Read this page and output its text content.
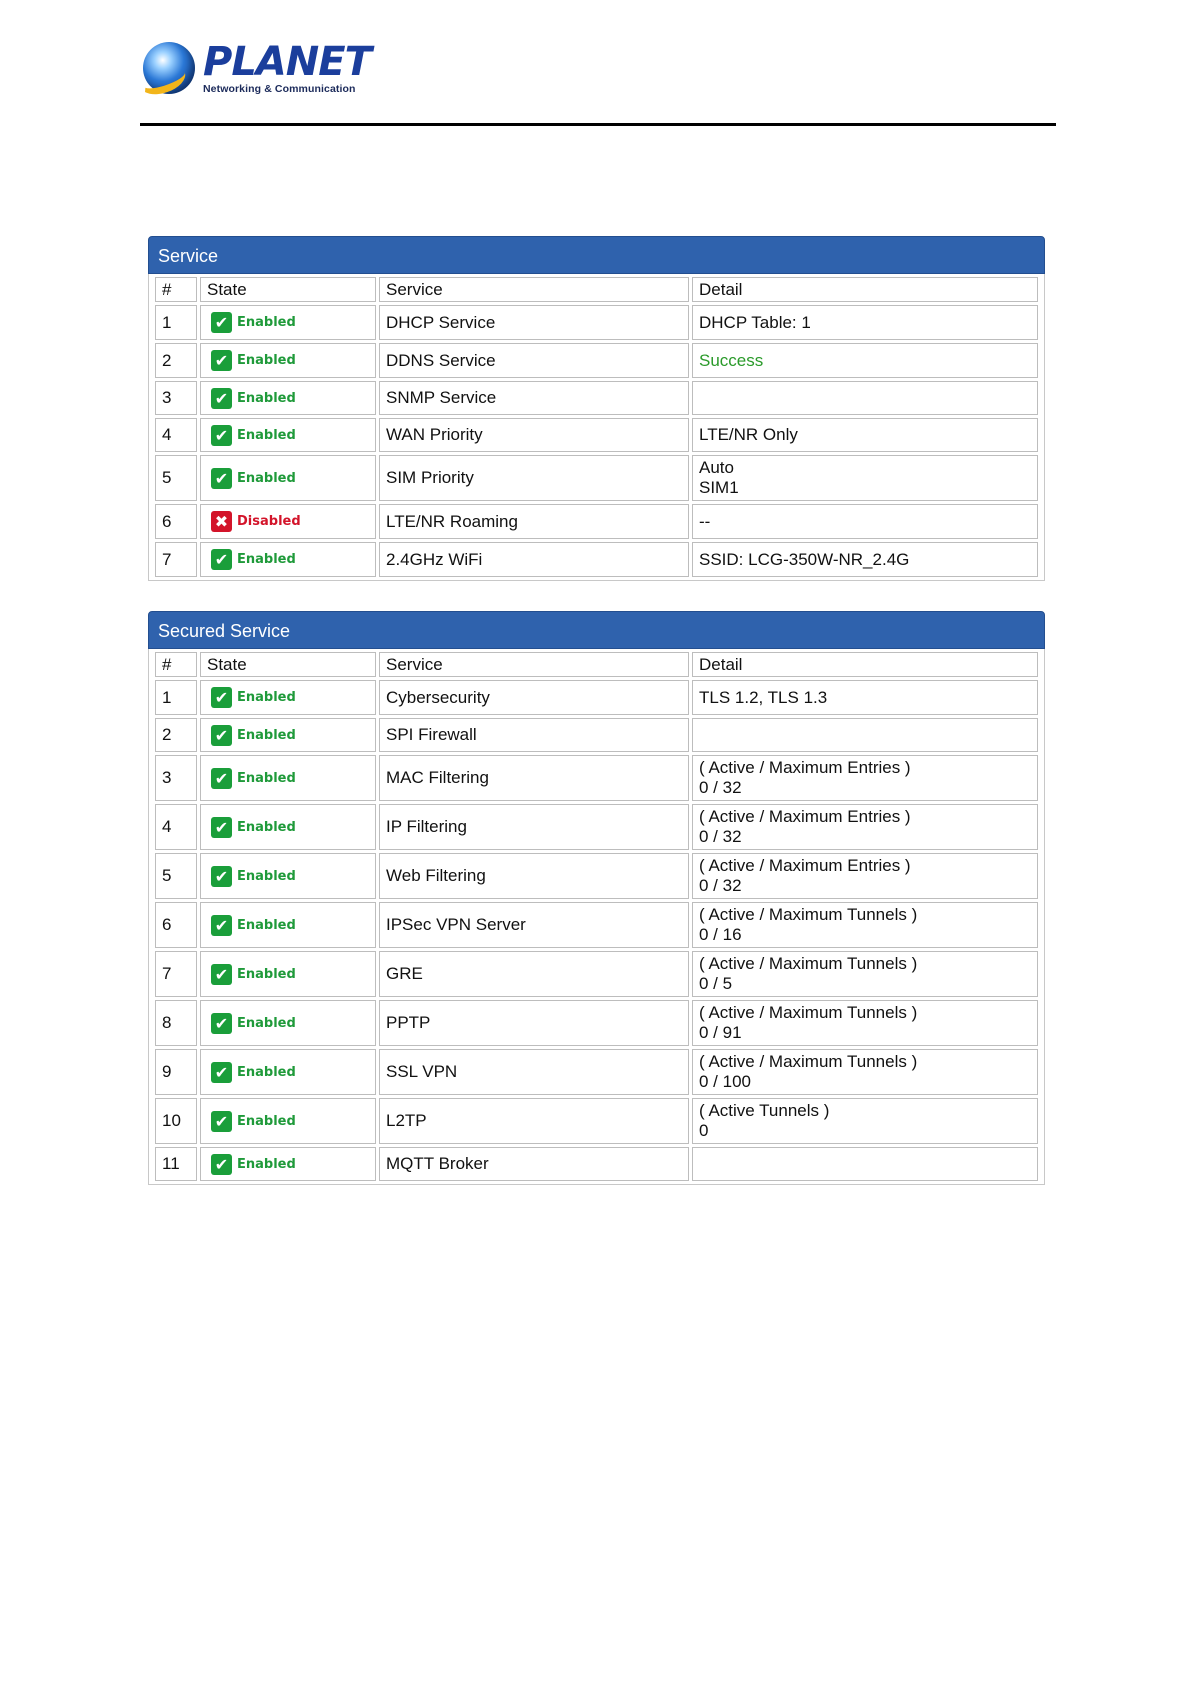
PLANET
Networking & Communication
Service
#	State	Service	Detail
1	✔ Enabled	DHCP Service	DHCP Table: 1

2	✔ Enabled	DDNS Service	Success

3	✔ Enabled	SNMP Service	
4	✔ Enabled	WAN Priority	LTE/NR Only

5	✔ Enabled	SIM Priority	Auto
SIM1

6	✖ Disabled	LTE/NR Roaming	--

7	✔ Enabled	2.4GHz WiFi	SSID: LCG-350W-NR_2.4G
Secured Service
#	State	Service	Detail
1	✔ Enabled	Cybersecurity	TLS 1.2, TLS 1.3

2	✔ Enabled	SPI Firewall	
3	✔ Enabled	MAC Filtering	( Active / Maximum Entries )
0 / 32

4	✔ Enabled	IP Filtering	( Active / Maximum Entries )
0 / 32

5	✔ Enabled	Web Filtering	( Active / Maximum Entries )
0 / 32

6	✔ Enabled	IPSec VPN Server	( Active / Maximum Tunnels )
0 / 16

7	✔ Enabled	GRE	( Active / Maximum Tunnels )
0 / 5

8	✔ Enabled	PPTP	( Active / Maximum Tunnels )
0 / 91

9	✔ Enabled	SSL VPN	( Active / Maximum Tunnels )
0 / 100

10	✔ Enabled	L2TP	( Active Tunnels )
0

11	✔ Enabled	MQTT Broker	
